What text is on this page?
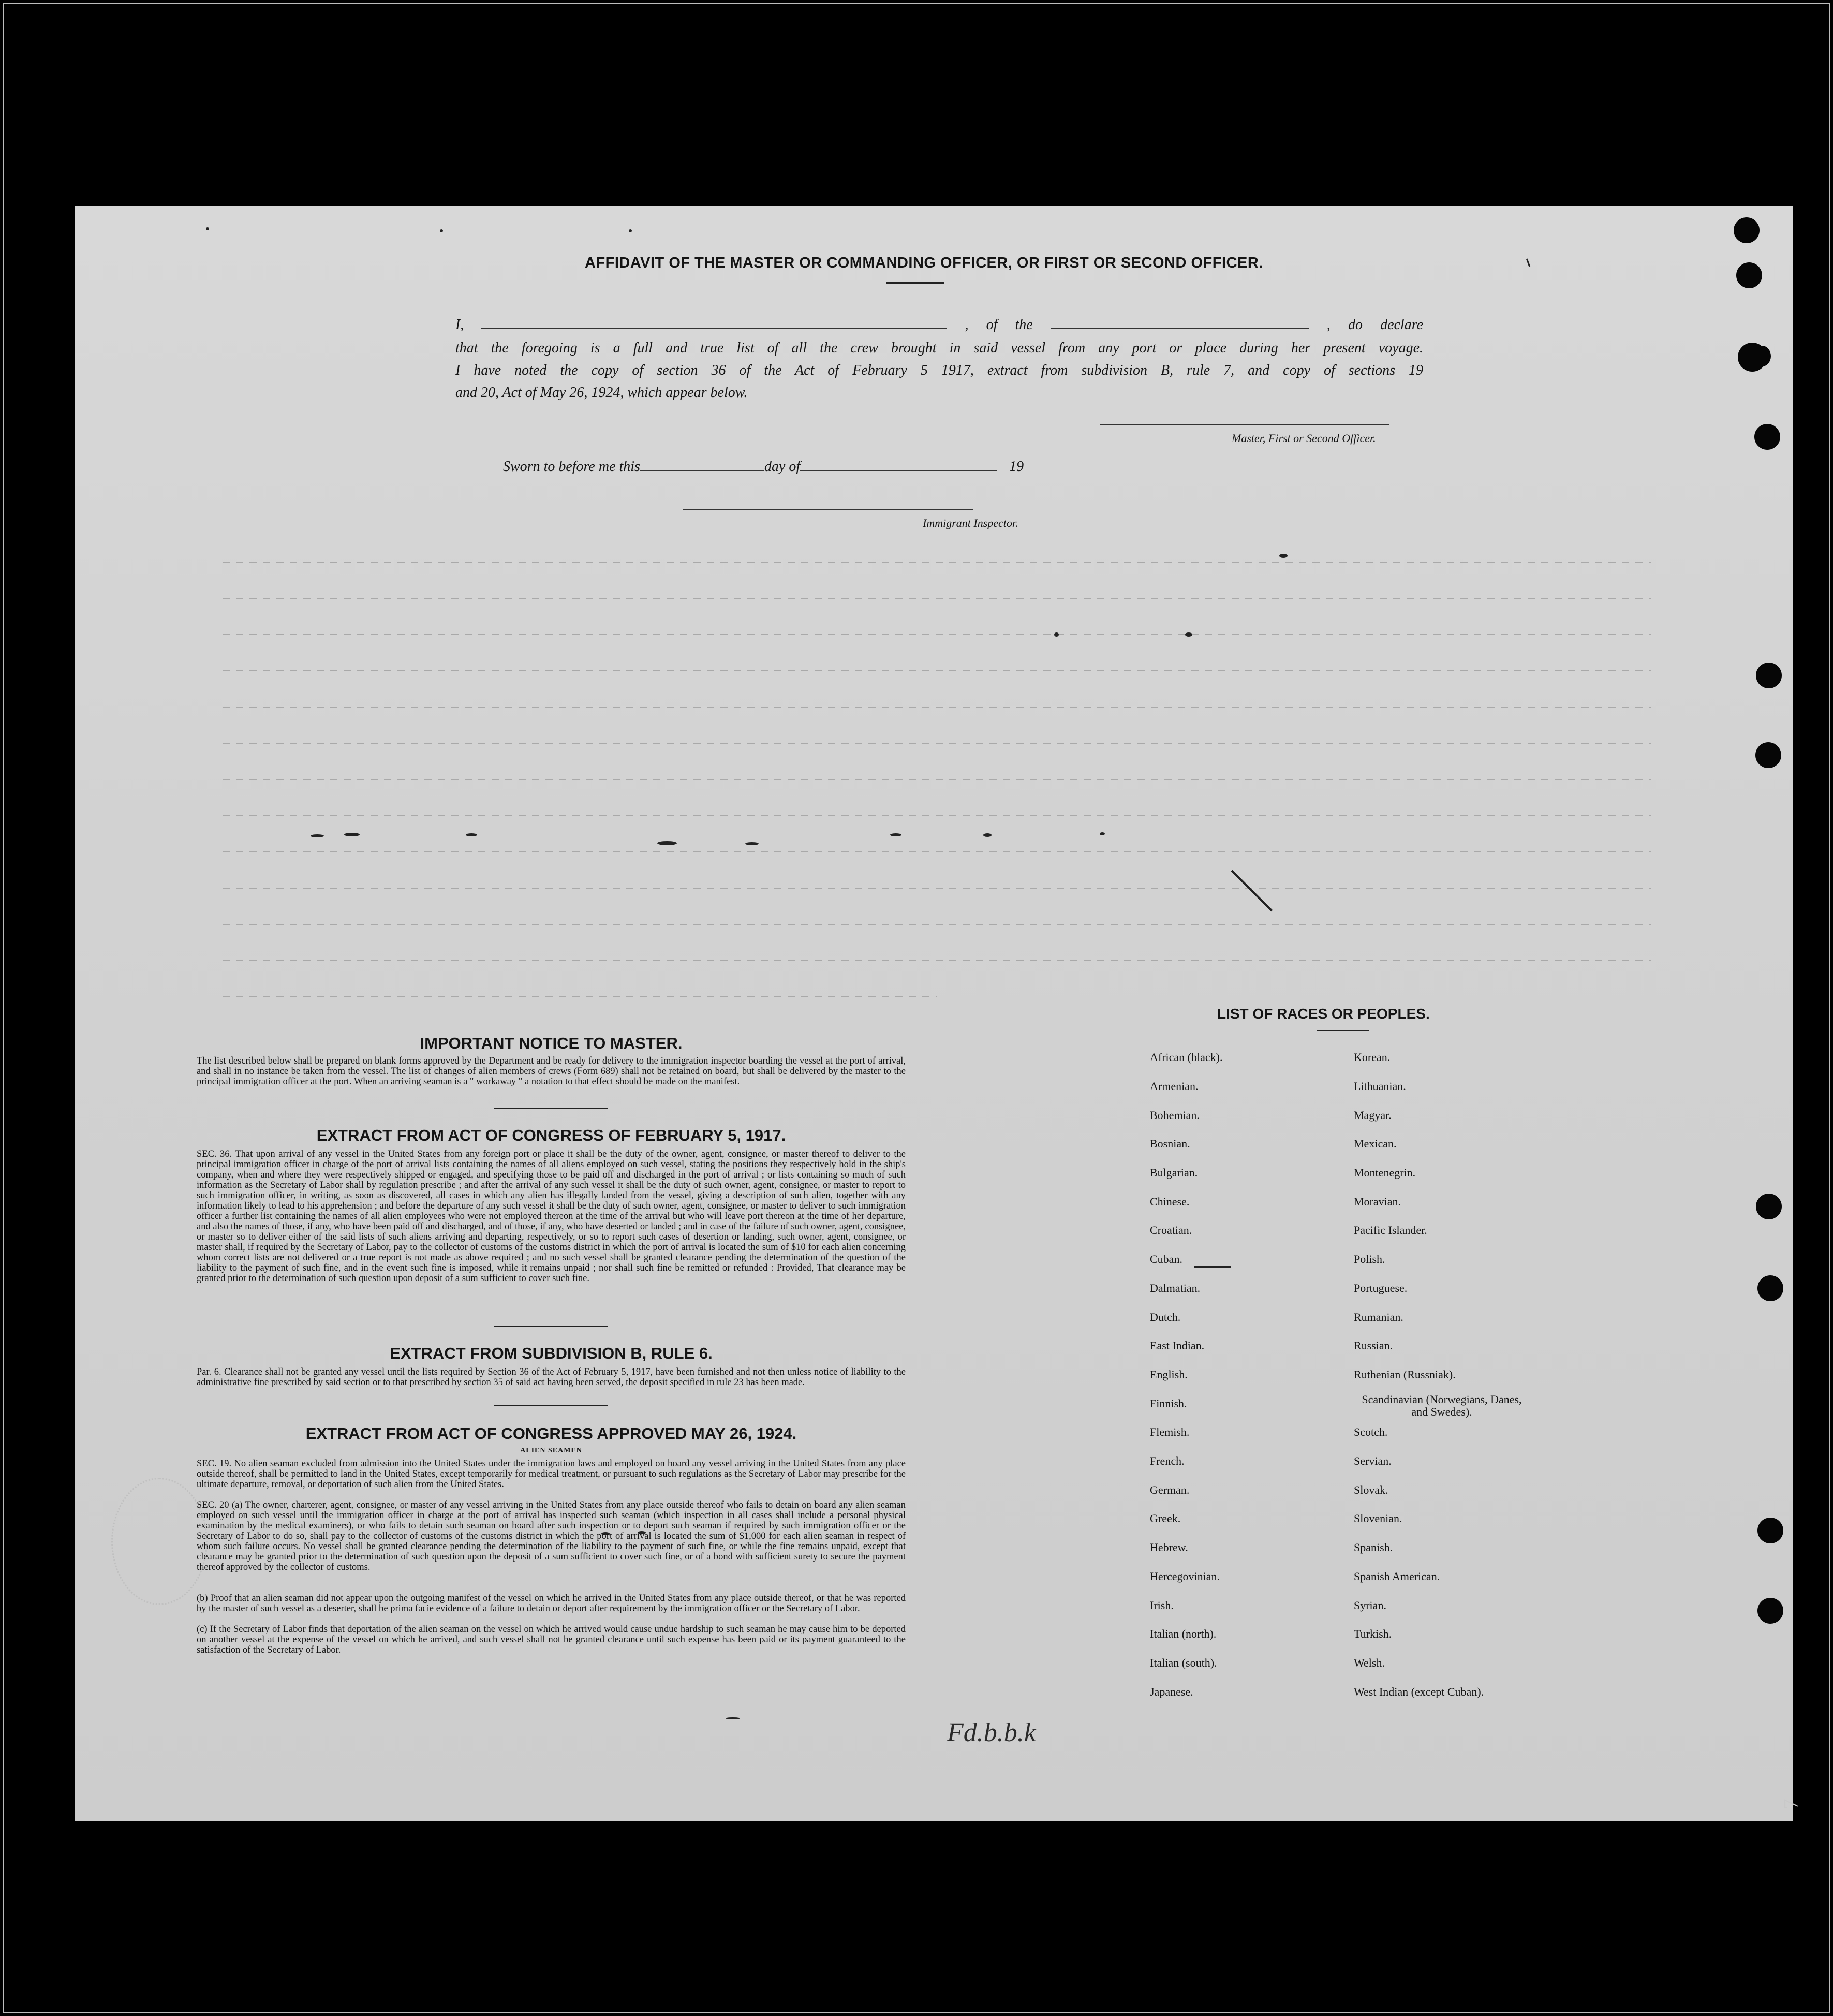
AFFIDAVIT OF THE MASTER OR COMMANDING OFFICER, OR FIRST OR SECOND OFFICER.
I,	, of the	, do declare
that the foregoing is a full and true list of all the crew brought in said vessel from any port or place during her present voyage.
I have noted the copy of section 36 of the Act of February 5 1917, extract from subdivision B, rule 7, and copy of sections 19
and 20, Act of May 26, 1924, which appear below.
Master, First or Second Officer.
Sworn to before me this	day of	19
Immigrant Inspector.
IMPORTANT NOTICE TO MASTER.
The list described below shall be prepared on blank forms approved by the Department and be ready for delivery to the immigration inspector boarding the vessel at the port of arrival, and shall in no instance be taken from the vessel. The list of changes of alien members of crews (Form 689) shall not be retained on board, but shall be delivered by the master to the principal immigration officer at the port. When an arriving seaman is a " workaway " a notation to that effect should be made on the manifest.
EXTRACT FROM ACT OF CONGRESS OF FEBRUARY 5, 1917.
SEC. 36. That upon arrival of any vessel in the United States from any foreign port or place it shall be the duty of the owner, agent, consignee, or master thereof to deliver to the principal immigration officer in charge of the port of arrival lists containing the names of all aliens employed on such vessel, stating the positions they respectively hold in the ship's company, when and where they were respectively shipped or engaged, and specifying those to be paid off and discharged in the port of arrival ; or lists containing so much of such information as the Secretary of Labor shall by regulation prescribe ; and after the arrival of any such vessel it shall be the duty of such owner, agent, consignee, or master to report to such immigration officer, in writing, as soon as discovered, all cases in which any alien has illegally landed from the vessel, giving a description of such alien, together with any information likely to lead to his apprehension ; and before the departure of any such vessel it shall be the duty of such owner, agent, consignee, or master to deliver to such immigration officer a further list containing the names of all alien employees who were not employed thereon at the time of the arrival but who will leave port thereon at the time of her departure, and also the names of those, if any, who have been paid off and discharged, and of those, if any, who have deserted or landed ; and in case of the failure of such owner, agent, consignee, or master so to deliver either of the said lists of such aliens arriving and departing, respectively, or so to report such cases of desertion or landing, such owner, agent, consignee, or master shall, if required by the Secretary of Labor, pay to the collector of customs of the customs district in which the port of arrival is located the sum of $10 for each alien concerning whom correct lists are not delivered or a true report is not made as above required ; and no such vessel shall be granted clearance pending the determination of the question of the liability to the payment of such fine, and in the event such fine is imposed, while it remains unpaid ; nor shall such fine be remitted or refunded : Provided, That clearance may be granted prior to the determination of such question upon deposit of a sum sufficient to cover such fine.
EXTRACT FROM SUBDIVISION B, RULE 6.
Par. 6. Clearance shall not be granted any vessel until the lists required by Section 36 of the Act of February 5, 1917, have been furnished and not then unless notice of liability to the administrative fine prescribed by said section or to that prescribed by section 35 of said act having been served, the deposit specified in rule 23 has been made.
EXTRACT FROM ACT OF CONGRESS APPROVED MAY 26, 1924.
ALIEN SEAMEN
SEC. 19. No alien seaman excluded from admission into the United States under the immigration laws and employed on board any vessel arriving in the United States from any place outside thereof, shall be permitted to land in the United States, except temporarily for medical treatment, or pursuant to such regulations as the Secretary of Labor may prescribe for the ultimate departure, removal, or deportation of such alien from the United States.
SEC. 20 (a) The owner, charterer, agent, consignee, or master of any vessel arriving in the United States from any place outside thereof who fails to detain on board any alien seaman employed on such vessel until the immigration officer in charge at the port of arrival has inspected such seaman (which inspection in all cases shall include a personal physical examination by the medical examiners), or who fails to detain such seaman on board after such inspection or to deport such seaman if required by such immigration officer or the Secretary of Labor to do so, shall pay to the collector of customs of the customs district in which the port of arrival is located the sum of $1,000 for each alien seaman in respect of whom such failure occurs. No vessel shall be granted clearance pending the determination of the liability to the payment of such fine, or while the fine remains unpaid, except that clearance may be granted prior to the determination of such question upon the deposit of a sum sufficient to cover such fine, or of a bond with sufficient surety to secure the payment thereof approved by the collector of customs.
(b) Proof that an alien seaman did not appear upon the outgoing manifest of the vessel on which he arrived in the United States from any place outside thereof, or that he was reported by the master of such vessel as a deserter, shall be prima facie evidence of a failure to detain or deport after requirement by the immigration officer or the Secretary of Labor.
(c) If the Secretary of Labor finds that deportation of the alien seaman on the vessel on which he arrived would cause undue hardship to such seaman he may cause him to be deported on another vessel at the expense of the vessel on which he arrived, and such vessel shall not be granted clearance until such expense has been paid or its payment guaranteed to the satisfaction of the Secretary of Labor.
LIST OF RACES OR PEOPLES.
African (black).
Armenian.
Bohemian.
Bosnian.
Bulgarian.
Chinese.
Croatian.
Cuban.
Dalmatian.
Dutch.
East Indian.
English.
Finnish.
Flemish.
French.
German.
Greek.
Hebrew.
Hercegovinian.
Irish.
Italian (north).
Italian (south).
Japanese.
Korean.
Lithuanian.
Magyar.
Mexican.
Montenegrin.
Moravian.
Pacific Islander.
Polish.
Portuguese.
Rumanian.
Russian.
Ruthenian (Russniak).
Scandinavian (Norwegians, Danes, and Swedes).
Scotch.
Servian.
Slovak.
Slovenian.
Spanish.
Spanish American.
Syrian.
Turkish.
Welsh.
West Indian (except Cuban).
Fd.b.b.k
7
